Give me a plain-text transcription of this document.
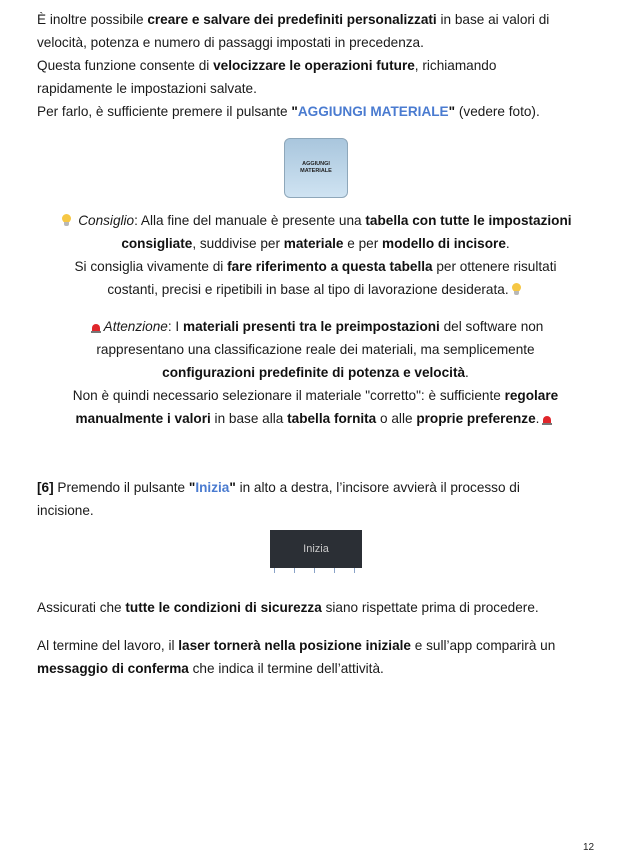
È inoltre possibile creare e salvare dei predefiniti personalizzati in base ai valori di
velocità, potenza e numero di passaggi impostati in precedenza.
Questa funzione consente di velocizzare le operazioni future, richiamando
rapidamente le impostazioni salvate.
Per farlo, è sufficiente premere il pulsante "AGGIUNGI MATERIALE" (vedere foto).
AGGIUNGI
MATERIALE
Consiglio: Alla fine del manuale è presente una tabella con tutte le impostazioni
consigliate, suddivise per materiale e per modello di incisore.
Si consiglia vivamente di fare riferimento a questa tabella per ottenere risultati
costanti, precisi e ripetibili in base al tipo di lavorazione desiderata.
Attenzione: I materiali presenti tra le preimpostazioni del software non
rappresentano una classificazione reale dei materiali, ma semplicemente
configurazioni predefinite di potenza e velocità.
Non è quindi necessario selezionare il materiale "corretto": è sufficiente regolare
manualmente i valori in base alla tabella fornita o alle proprie preferenze.
[6] Premendo il pulsante "Inizia" in alto a destra, l’incisore avvierà il processo di
incisione.
Inizia
Assicurati che tutte le condizioni di sicurezza siano rispettate prima di procedere.
Al termine del lavoro, il laser tornerà nella posizione iniziale e sull’app comparirà un
messaggio di conferma che indica il termine dell’attività.
12
